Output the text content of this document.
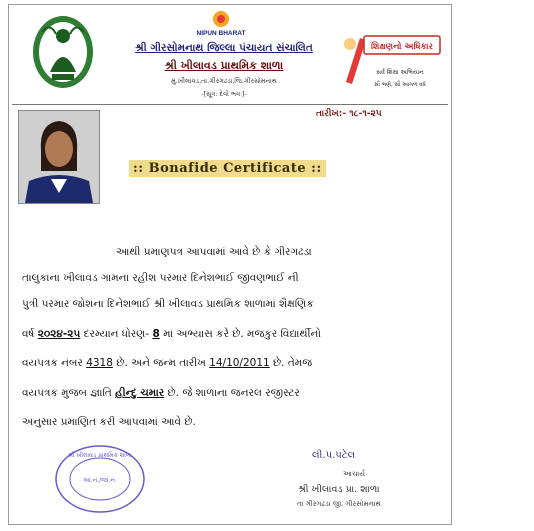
NIPUN BHARAT
શ્રી ગીરસોમનાથ જિલ્લા પંચાયત સંચાલિત
શ્રી ખીલાવડ પ્રાથમિક શાળા
મુ.ખીલાવડ,તા.ગીરગઢડા,જિ.ગીરસોમનાથ
-[સૂત્ર: દેવો ભવઃ]-
શિક્ષણનો અધિકાર
સર્વ શિક્ષા અભિયાન
સૌ ભણે, સૌ આગળ વધે
તારીખ:- ૧૮-૧-૨૫
:: Bonafide Certificate ::
આથી પ્રમાણપત્ર આપવામાં આવે છે કે ગીરગઢડા
તાલુકાના ખીલાવડ ગામના રહીશ પરમાર દિનેશભાઈ જીવણભાઈ ની
પુત્રી પરમાર જોશના દિનેશભાઈ શ્રી ખીલાવડ પ્રાથમિક શાળામાં શૈક્ષણિક
વર્ષ ૨૦૨૪-૨૫ દરમ્યાન ધોરણ- 8 માં અભ્યાસ કરે છે. મજકુર વિદ્યાર્થીનો
વયપત્રક નંબર 4318 છે. અને જન્મ તારીખ 14/10/2011 છે. તેમજ
વયપત્રક મુજબ જ્ઞાતિ હીન્દુ ચમાર છે. જે શાળાના જનરલ રજીસ્ટર
અનુસાર પ્રમાણિત કરી આપવામાં આવે છે.
શ્રી ખીલાવડ પ્રાથમિક શાળા
આ.નં./જા.નં.
લી.પ.પટેલ
આચાર્ય
શ્રી ખીલાવડ પ્રા. શાળા
તા ગીરગઢડા જી. ગીરસોમનાથ
